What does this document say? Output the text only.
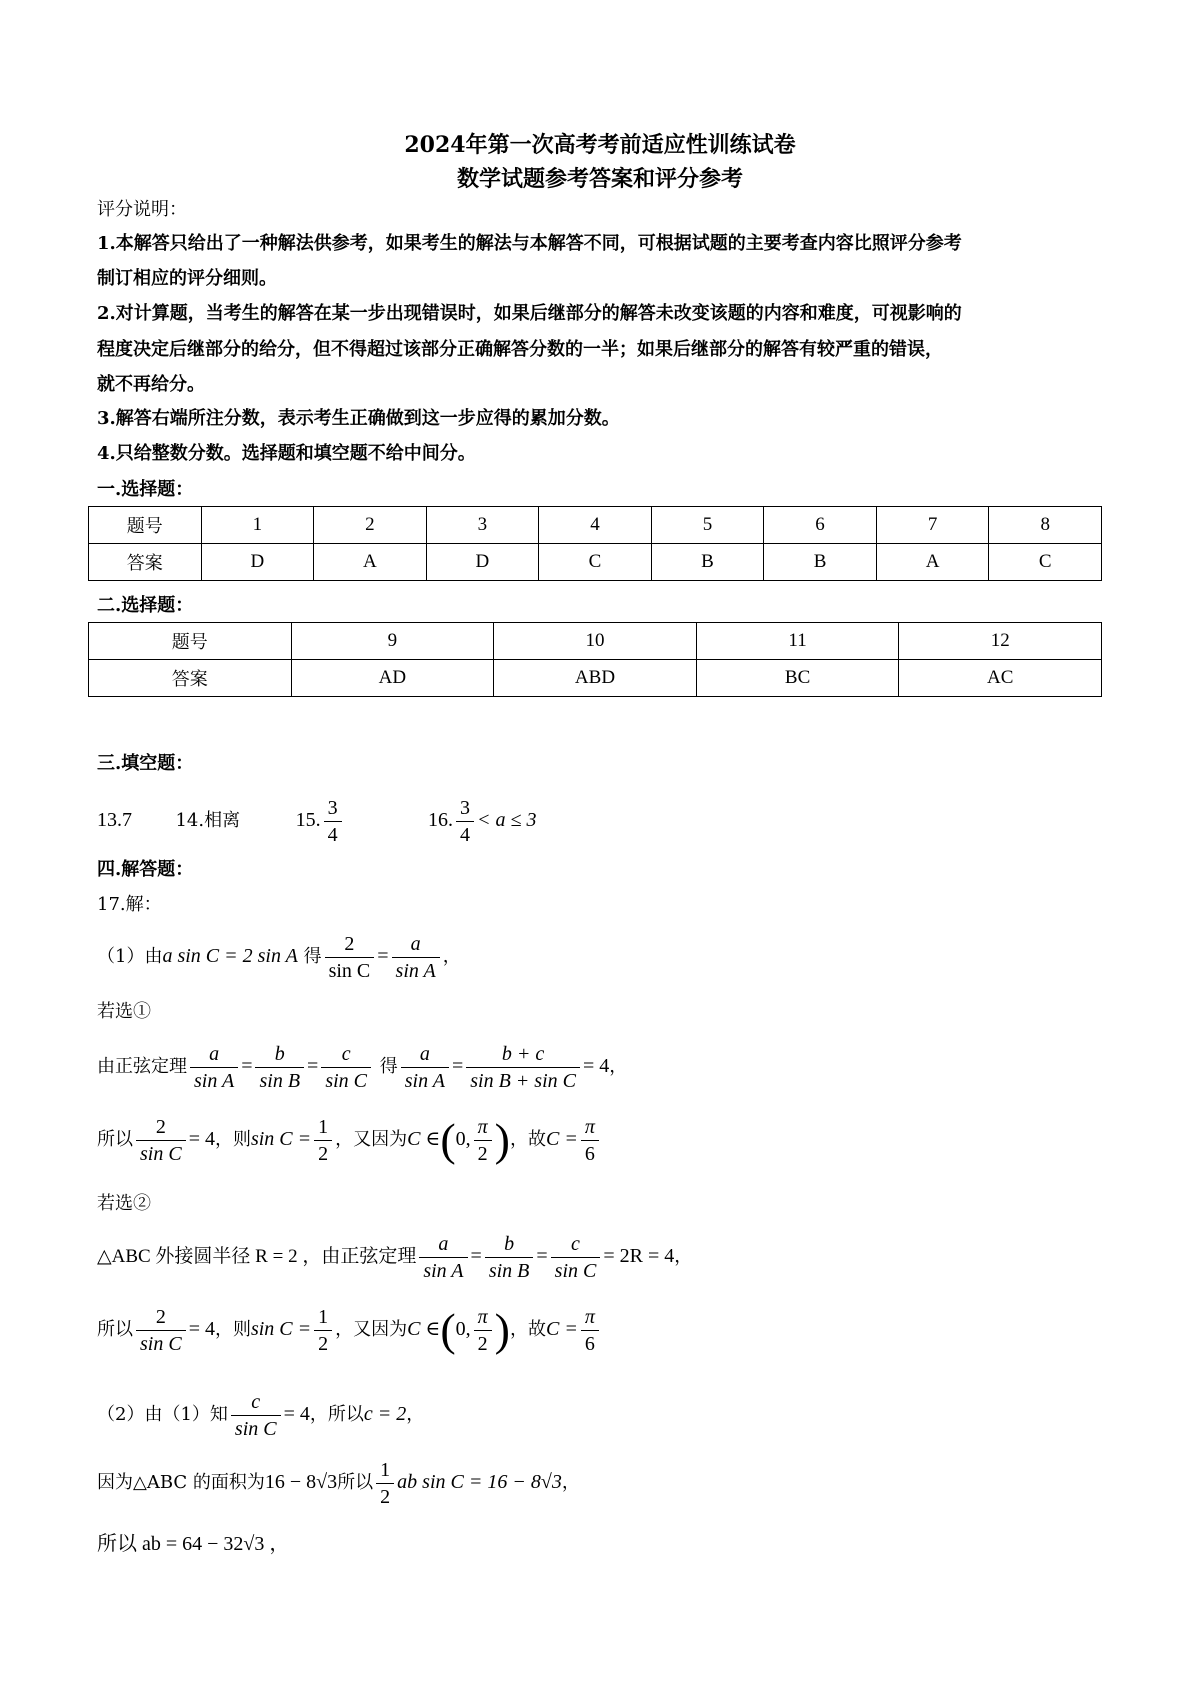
2024年第一次高考考前适应性训练试卷
数学试题参考答案和评分参考
评分说明：
1.本解答只给出了一种解法供参考，如果考生的解法与本解答不同，可根据试题的主要考查内容比照评分参考
制订相应的评分细则。
2.对计算题，当考生的解答在某一步出现错误时，如果后继部分的解答未改变该题的内容和难度，可视影响的
程度决定后继部分的给分，但不得超过该部分正确解答分数的一半；如果后继部分的解答有较严重的错误，
就不再给分。
3.解答右端所注分数，表示考生正确做到这一步应得的累加分数。
4.只给整数分数。选择题和填空题不给中间分。
一.选择题：
题号	1	2	3	4	5	6	7	8
答案	D	A	D	C	B	B	A	C
二.选择题：
题号	9	10	11	12
答案	AD	ABD	BC	AC
三.填空题：
13.7 14.相离	15. $\frac{3}{4}$	16. $\frac{3}{4} < a \le 3$
四.解答题：
17.解：
（1）由a sin C = 2 sin A 得 $\frac{2}{\text{sin C}} = \frac{a}{\text{sin A}}$ ，
若选①
由正弦定理 $\frac{a}{\text{sin A}} = \frac{b}{\text{sin B}} = \frac{c}{\text{sin C}}$ 得 $\frac{a}{\text{sin A}} = \frac{b + c}{\text{sin B + sin C}} = 4$，
所以 $\frac{2}{\text{sin C}} = 4$，则$\sin C = \frac{1}{2}$ ，又因为C ∈(0, $\frac{\pi}{2}$ )，故$C = \frac{\pi}{6}$
若选②
△ABC 外接圆半径 R = 2 ，由正弦定理 $\frac{a}{\text{sin A}} = \frac{b}{\text{sin B}} = \frac{c}{\text{sin C}} = 2R = 4$，
所以 $\frac{2}{\text{sin C}} = 4$，则$\sin C = \frac{1}{2}$ ，又因为C ∈(0, $\frac{\pi}{2}$ )，故$C = \frac{\pi}{6}$
（2）由（1）知 $\frac{c}{\text{sin C}} = 4$，所以c = 2，
因为△ABC 的面积为16 − 8√3所以 $\frac{1}{2}$ ab sin C = 16 − 8√3，
所以 ab = 64 − 32√3 ，
